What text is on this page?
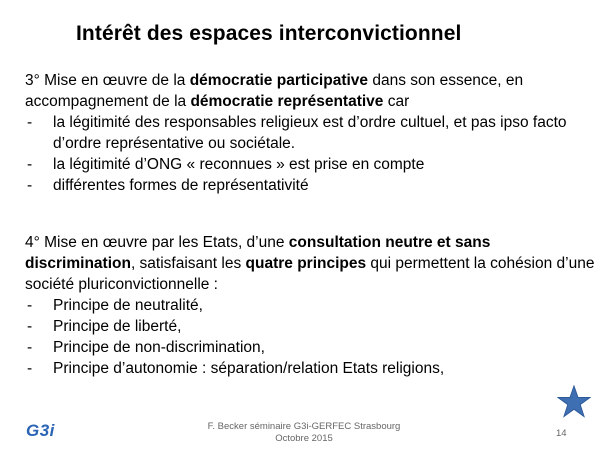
Intérêt des espaces interconvictionnel
3° Mise en œuvre de la démocratie participative dans son essence, en accompagnement de la démocratie représentative car
- la légitimité des responsables religieux est d’ordre cultuel, et pas ipso facto d’ordre représentative ou sociétale.
- la légitimité d’ONG « reconnues » est prise en compte
- différentes formes de représentativité
4° Mise en œuvre par les Etats, d’une consultation neutre et sans discrimination, satisfaisant les quatre principes qui permettent la cohésion d’une société pluriconvictionnelle :
- Principe de neutralité,
- Principe de liberté,
- Principe de non-discrimination,
- Principe d’autonomie : séparation/relation Etats religions,
G3i	F. Becker séminaire G3i-GERFEC Strasbourg
Octobre 2015	14
